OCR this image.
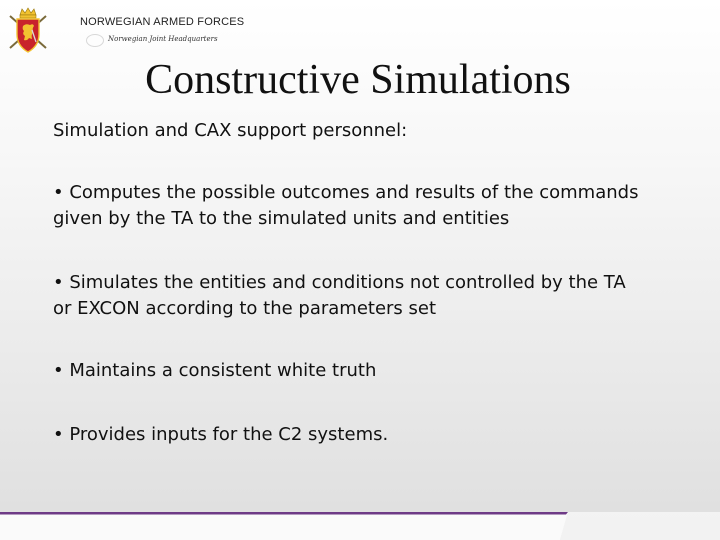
NORWEGIAN ARMED FORCES
Norwegian Joint Headquarters
Constructive Simulations
Simulation and CAX support personnel:
• Computes the possible outcomes and results of the commands
given by the TA to the simulated units and entities
• Simulates the entities and conditions not controlled by the TA
or EXCON according to the parameters set
• Maintains a consistent white truth
• Provides inputs for the C2 systems.
